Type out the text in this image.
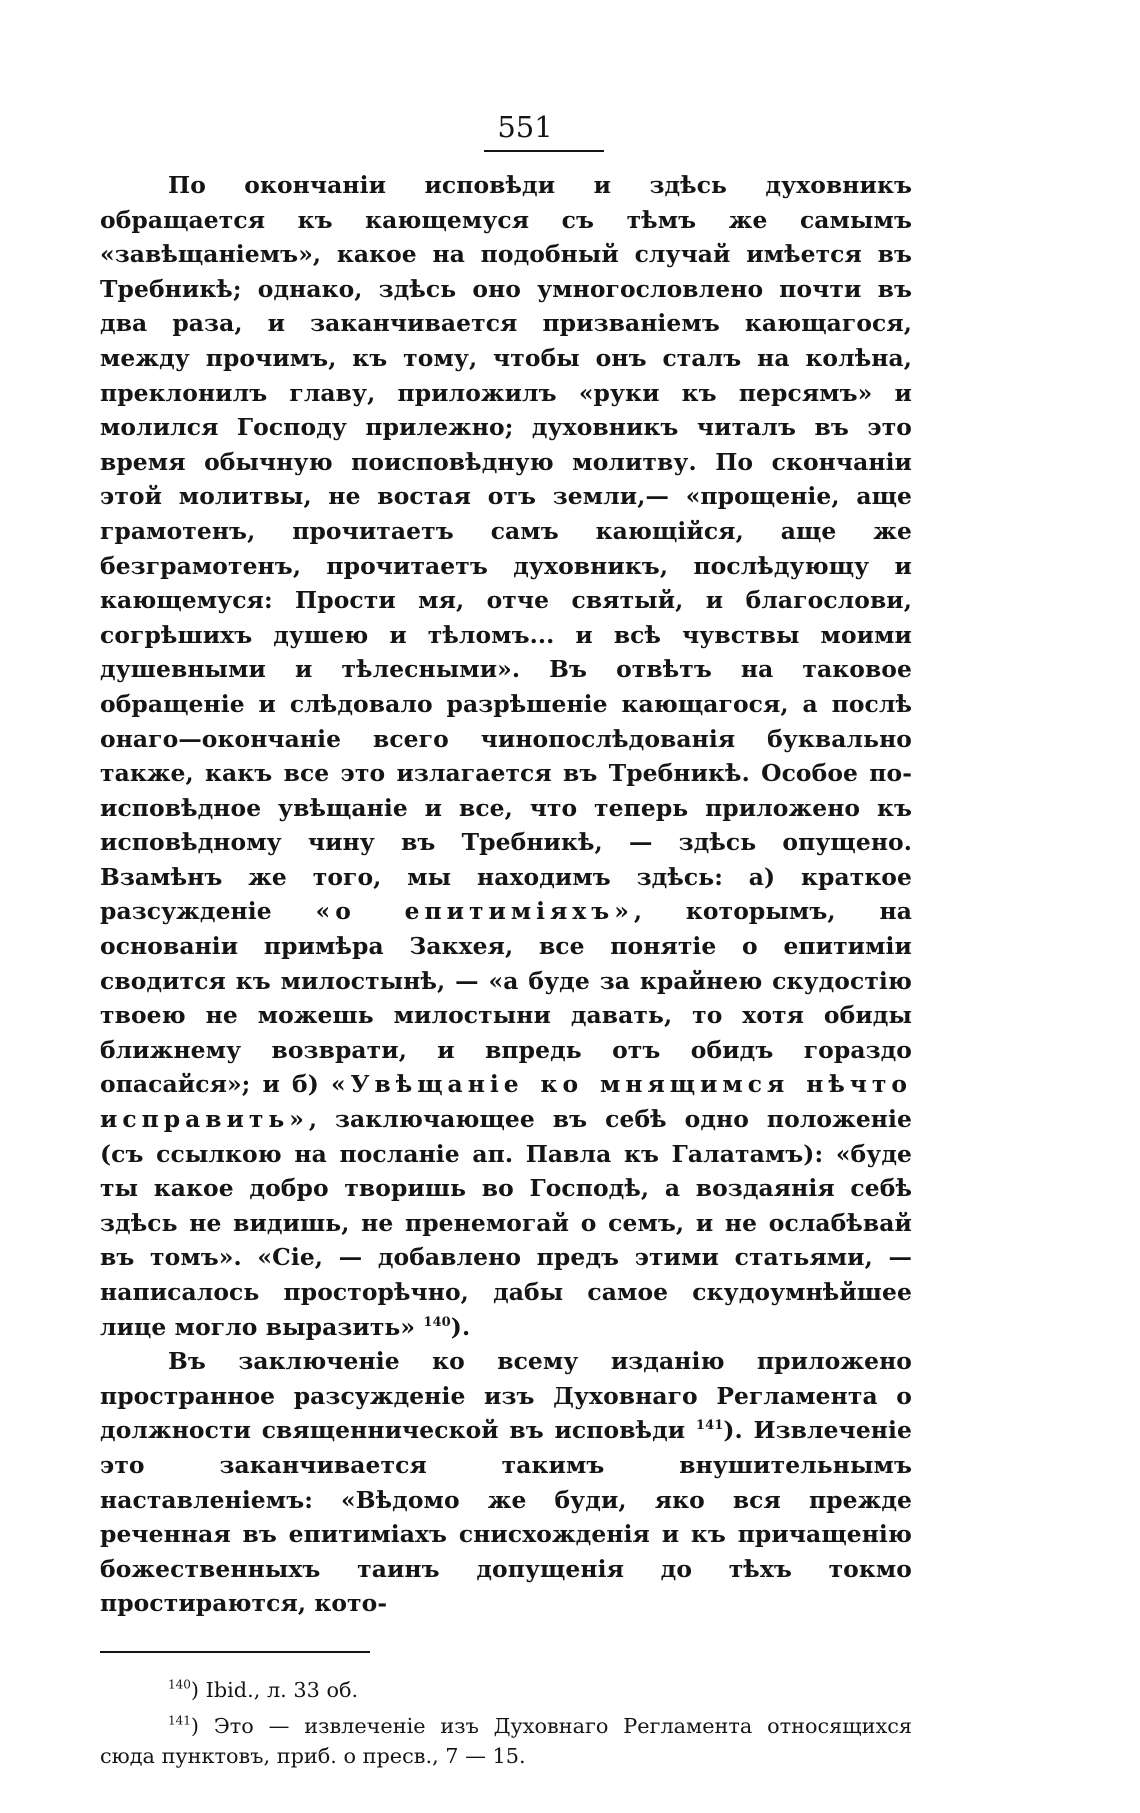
551

По окончаніи исповѣди и здѣсь духовникъ обращается къ кающемуся съ тѣмъ же самымъ «завѣщаніемъ», какое на подобный случай имѣется въ Требникѣ; однако, здѣсь оно умногословлено почти въ два раза, и заканчивается призваніемъ кающагося, между прочимъ, къ тому, чтобы онъ сталъ на колѣна, преклонилъ главу, приложилъ «руки къ персямъ» и молился Господу прилежно; духовникъ читалъ въ это время обычную поисповѣдную молитву. По скончаніи этой молитвы, не востая отъ земли,— «прощеніе, аще грамотенъ, прочитаетъ самъ кающійся, аще же безграмотенъ, прочитаетъ духовникъ, послѣдующу и кающемуся: Прости мя, отче святый, и благослови, согрѣшихъ душею и тѣломъ... и всѣ чувствы моими душевными и тѣлесными». Въ отвѣтъ на таковое обращеніе и слѣдовало разрѣшеніе кающагося, а послѣ онаго—окончаніе всего чинопослѣдованія буквально также, какъ все это излагается въ Требникѣ. Особое по-исповѣдное увѣщаніе и все, что теперь приложено къ исповѣдному чину въ Требникѣ, — здѣсь опущено. Взамѣнъ же того, мы находимъ здѣсь: а) краткое разсужденіе «о епитиміяхъ», которымъ, на основаніи примѣра Закхея, все понятіе о епитиміи сводится къ милостынѣ, — «а буде за крайнею скудостію твоею не можешь милостыни давать, то хотя обиды ближнему возврати, и впредь отъ обидъ гораздо опасайся»; и б) «Увѣщаніе ко мнящимся нѣчто исправить», заключающее въ себѣ одно положеніе (съ ссылкою на посланіе ап. Павла къ Галатамъ): «буде ты какое добро творишь во Господѣ, а воздаянія себѣ здѣсь не видишь, не пренемогай о семъ, и не ослабѣвай въ томъ». «Сіе, — добавлено предъ этими статьями, — написалось просторѣчно, дабы самое скудоумнѣйшее лице могло выразить» $^{140}$).

Въ заключеніе ко всему изданію приложено пространное разсужденіе изъ Духовнаго Регламента о должности священнической въ исповѣди $^{141}$). Извлеченіе это заканчивается такимъ внушительнымъ наставленіемъ: «Вѣдомо же буди, яко вся прежде реченная въ епитиміахъ снисхожденія и къ причащенію божественныхъ таинъ допущенія до тѣхъ токмо простираются, кото-

$^{140}$) Ibid., л. 33 об.

$^{141}$) Это — извлеченіе изъ Духовнаго Регламента относящихся сюда пунктовъ, приб. о пресв., 7 — 15.
